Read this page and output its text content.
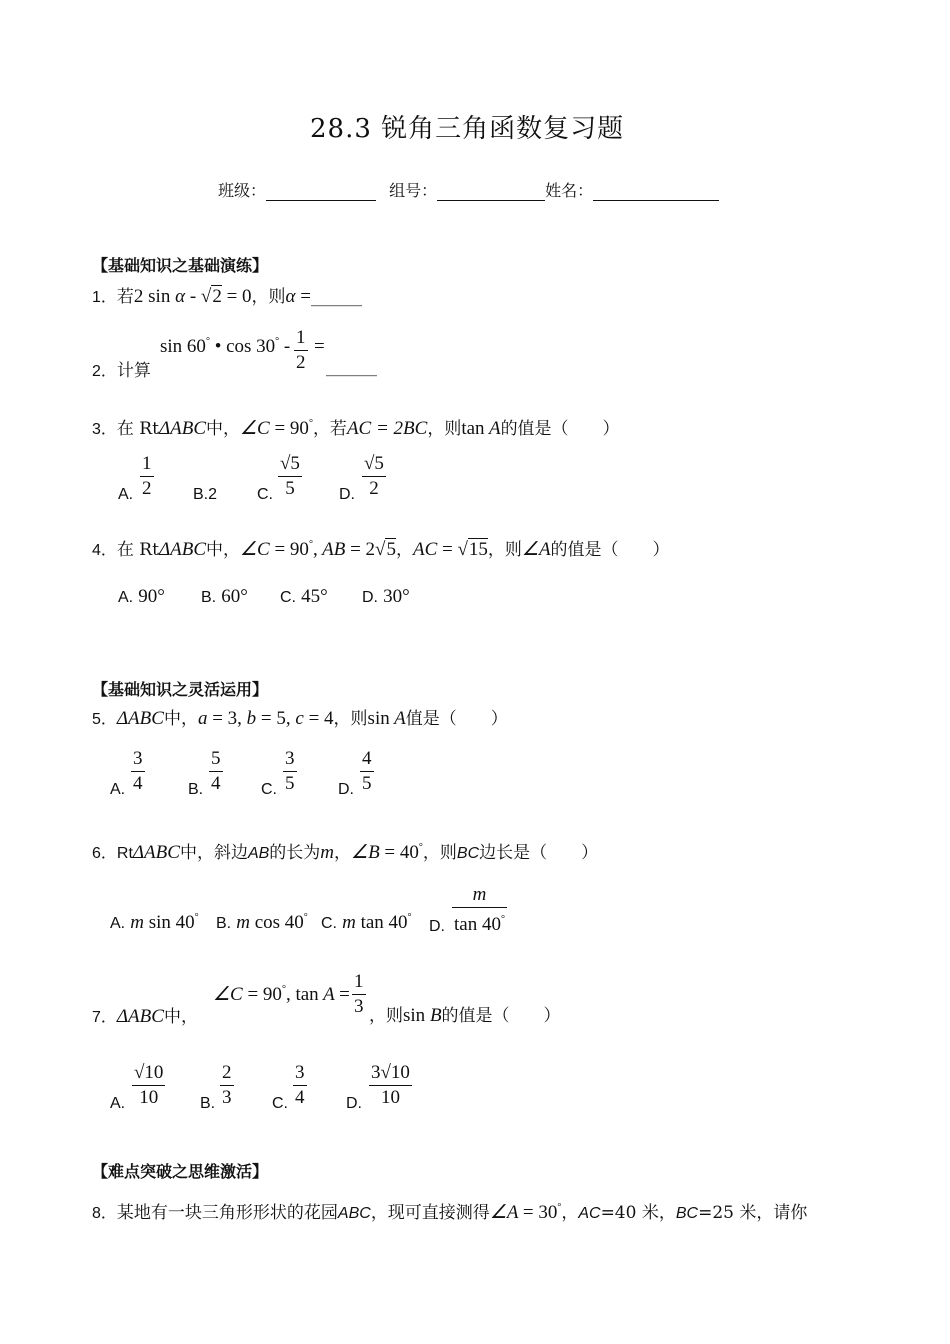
28.3 锐角三角函数复习题
班级：	组号：	姓名：
【基础知识之基础演练】
1．若2 sin α - √2 = 0，则α =______
2．计算
sin 60° • $\cos 30^\circ - \frac{1}{2}$ =
______
3．在 RtΔABC中，∠C = 90°，若AC = 2BC，则tan A的值是（　　）
A. $\frac{1}{2} B.2$ C. $\frac{√5}{5} D$. $\frac{√5}{2}$
4．在 RtΔABC中，∠C = 90°, AB = 2√5，AC = √15，则∠A的值是（　　）
A. 90° B. 60° C. 45° D. 30°
【基础知识之灵活运用】
5．ΔABC中，a = 3, b = 5, c = 4，则sin A值是（　　）
A. $\frac{3}{4}$	B. $\frac{5}{4} C$. $\frac{3}{5}$	D. $\frac{4}{5}$
6．RtΔABC中，斜边AB的长为m，∠B = 40°，则BC边长是（　　）
A. m sin 40° B. m cos 40° C. m tan 40°
D. $\frac{m}{\tan 40^\circ}$
7．ΔABC中，
∠C = 90°, $\tan A = \frac{1}{3}$ ，则sin B的值是（　　）
A. $\frac{√10}{10} B$. $\frac{2}{3} C$. $\frac{3}{4} D$. $\frac{3√10}{10}$
【难点突破之思维激活】
8．某地有一块三角形形状的花园ABC，现可直接测得∠A = 30°，AC=40 米，BC=25 米，请你
